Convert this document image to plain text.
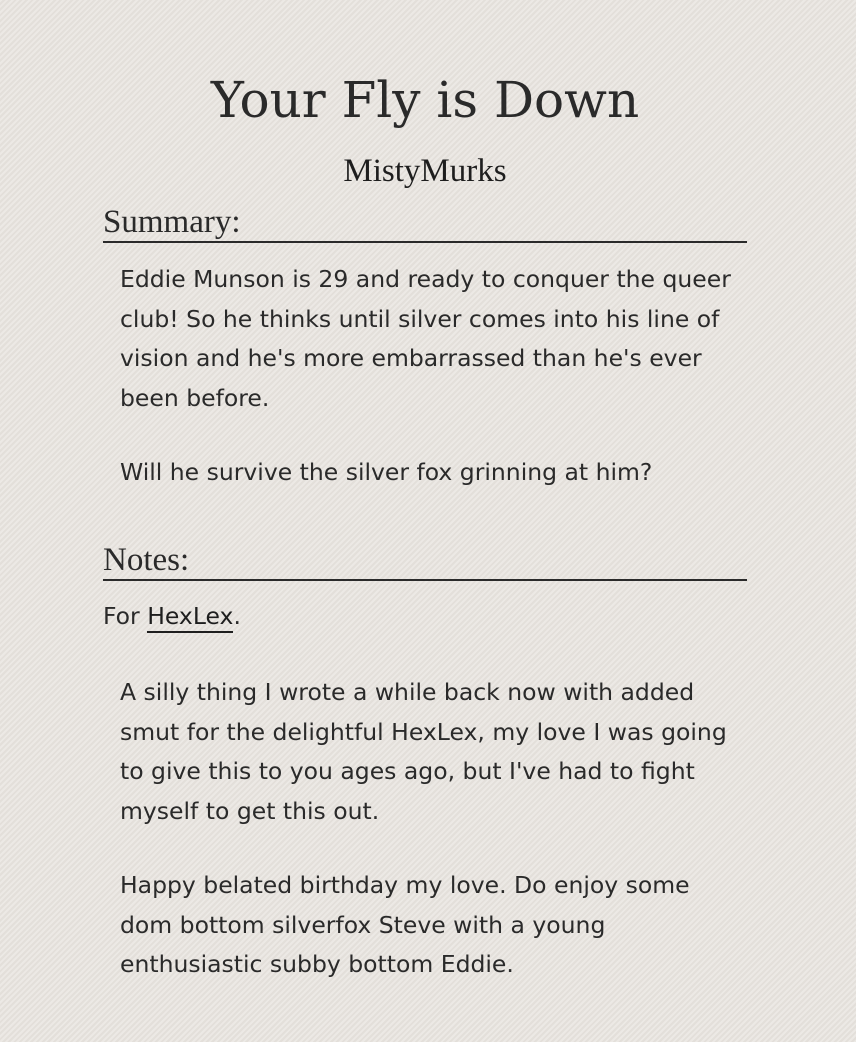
Your Fly is Down
MistyMurks
Summary:

Eddie Munson is 29 and ready to conquer the queer club! So he thinks until silver comes into his line of vision and he's more embarrassed than he's ever been before.

Will he survive the silver fox grinning at him?

Notes:

For HexLex.

A silly thing I wrote a while back now with added smut for the delightful HexLex, my love I was going to give this to you ages ago, but I've had to fight myself to get this out.

Happy belated birthday my love. Do enjoy some dom bottom silverfox Steve with a young enthusiastic subby bottom Eddie.
